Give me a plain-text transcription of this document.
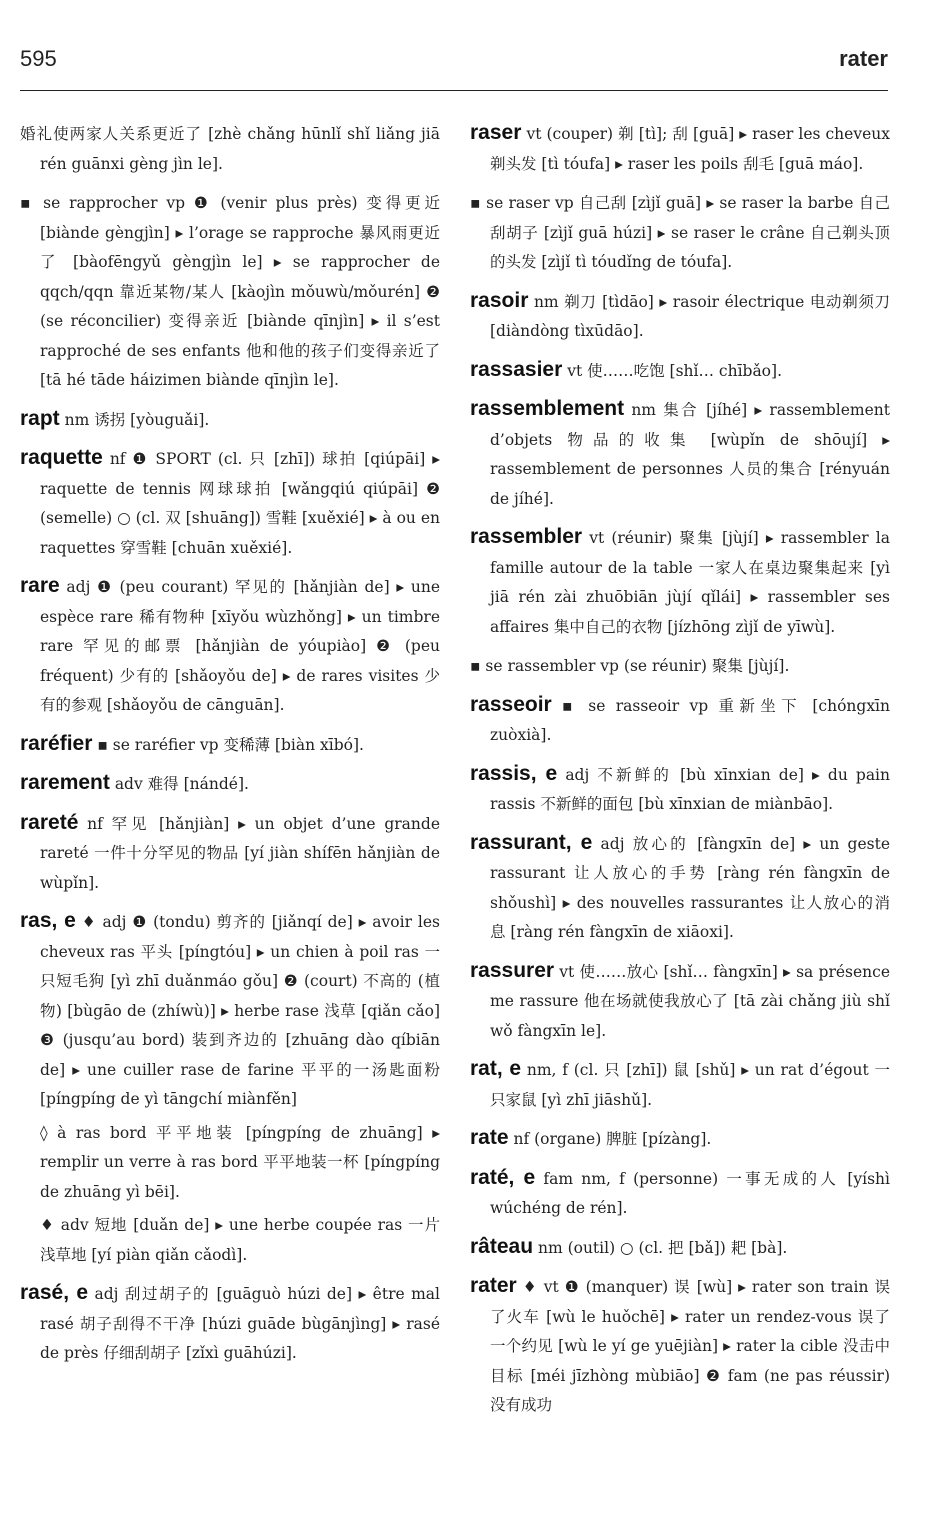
595	rater

婚礼使两家人关系更近了 [zhè chǎng hūnlǐ shǐ liǎng jiā rén guānxi gèng jìn le].

▪ se rapprocher vp ❶ (venir plus près) 变得更近 [biànde gèngjìn] ▸ l’orage se rapproche 暴风雨更近了 [bàofēngyǔ gèngjìn le] ▸ se rapprocher de qqch/qqn 靠近某物/某人 [kàojìn mǒuwù/mǒurén] ❷ (se réconcilier) 变得亲近 [biànde qīnjìn] ▸ il s’est rapproché de ses enfants 他和他的孩子们变得亲近了 [tā hé tāde háizimen biànde qīnjìn le].

rapt nm 诱拐 [yòuguǎi].

raquette nf ❶ SPORT (cl. 只 [zhī]) 球拍 [qiúpāi] ▸ raquette de tennis 网球球拍 [wǎngqiú qiúpāi] ❷ (semelle) ○ (cl. 双 [shuāng]) 雪鞋 [xuěxié] ▸ à ou en raquettes 穿雪鞋 [chuān xuěxié].

rare adj ❶ (peu courant) 罕见的 [hǎnjiàn de] ▸ une espèce rare 稀有物种 [xīyǒu wùzhǒng] ▸ un timbre rare 罕见的邮票 [hǎnjiàn de yóupiào] ❷ (peu fréquent) 少有的 [shǎoyǒu de] ▸ de rares visites 少有的参观 [shǎoyǒu de cānguān].

raréfier ▪ se raréfier vp 变稀薄 [biàn xībó].

rarement adv 难得 [nándé].

rareté nf 罕见 [hǎnjiàn] ▸ un objet d’une grande rareté 一件十分罕见的物品 [yí jiàn shífēn hǎnjiàn de wùpǐn].

ras, e ♦ adj ❶ (tondu) 剪齐的 [jiǎnqí de] ▸ avoir les cheveux ras 平头 [píngtóu] ▸ un chien à poil ras 一只短毛狗 [yì zhī duǎnmáo gǒu] ❷ (court) 不高的 (植物) [bùgāo de (zhíwù)] ▸ herbe rase 浅草 [qiǎn cǎo] ❸ (jusqu’au bord) 装到齐边的 [zhuāng dào qíbiān de] ▸ une cuiller rase de farine 平平的一汤匙面粉 [píngpíng de yì tāngchí miànfěn]

◊ à ras bord 平平地装 [píngpíng de zhuāng] ▸ remplir un verre à ras bord 平平地装一杯 [píngpíng de zhuāng yì bēi].

♦ adv 短地 [duǎn de] ▸ une herbe coupée ras 一片浅草地 [yí piàn qiǎn cǎodì].

rasé, e adj 刮过胡子的 [guāguò húzi de] ▸ être mal rasé 胡子刮得不干净 [húzi guāde bùgānjìng] ▸ rasé de près 仔细刮胡子 [zǐxì guāhúzi].

raser vt (couper) 剃 [tì]; 刮 [guā] ▸ raser les cheveux 剃头发 [tì tóufa] ▸ raser les poils 刮毛 [guā máo].

▪ se raser vp 自己刮 [zìjǐ guā] ▸ se raser la barbe 自己刮胡子 [zìjǐ guā húzi] ▸ se raser le crâne 自己剃头顶的头发 [zìjǐ tì tóudǐng de tóufa].

rasoir nm 剃刀 [tìdāo] ▸ rasoir électrique 电动剃须刀 [diàndòng tìxūdāo].

rassasier vt 使……吃饱 [shǐ… chībǎo].

rassemblement nm 集合 [jíhé] ▸ rassemblement d’objets 物品的收集 [wùpǐn de shōují] ▸ rassemblement de personnes 人员的集合 [rényuán de jíhé].

rassembler vt (réunir) 聚集 [jùjí] ▸ rassembler la famille autour de la table 一家人在桌边聚集起来 [yì jiā rén zài zhuōbiān jùjí qǐlái] ▸ rassembler ses affaires 集中自己的衣物 [jízhōng zìjǐ de yīwù].

▪ se rassembler vp (se réunir) 聚集 [jùjí].

rasseoir ▪ se rasseoir vp 重新坐下 [chóngxīn zuòxià].

rassis, e adj 不新鲜的 [bù xīnxian de] ▸ du pain rassis 不新鲜的面包 [bù xīnxian de miànbāo].

rassurant, e adj 放心的 [fàngxīn de] ▸ un geste rassurant 让人放心的手势 [ràng rén fàngxīn de shǒushì] ▸ des nouvelles rassurantes 让人放心的消息 [ràng rén fàngxīn de xiāoxi].

rassurer vt 使……放心 [shǐ… fàngxīn] ▸ sa présence me rassure 他在场就使我放心了 [tā zài chǎng jiù shǐ wǒ fàngxīn le].

rat, e nm, f (cl. 只 [zhī]) 鼠 [shǔ] ▸ un rat d’égout 一只家鼠 [yì zhī jiāshǔ].

rate nf (organe) 脾脏 [pízàng].

raté, e fam nm, f (personne) 一事无成的人 [yíshì wúchéng de rén].

râteau nm (outil) ○ (cl. 把 [bǎ]) 耙 [bà].

rater ♦ vt ❶ (manquer) 误 [wù] ▸ rater son train 误了火车 [wù le huǒchē] ▸ rater un rendez-vous 误了一个约见 [wù le yí ge yuējiàn] ▸ rater la cible 没击中目标 [méi jīzhòng mùbiāo] ❷ fam (ne pas réussir) 没有成功
